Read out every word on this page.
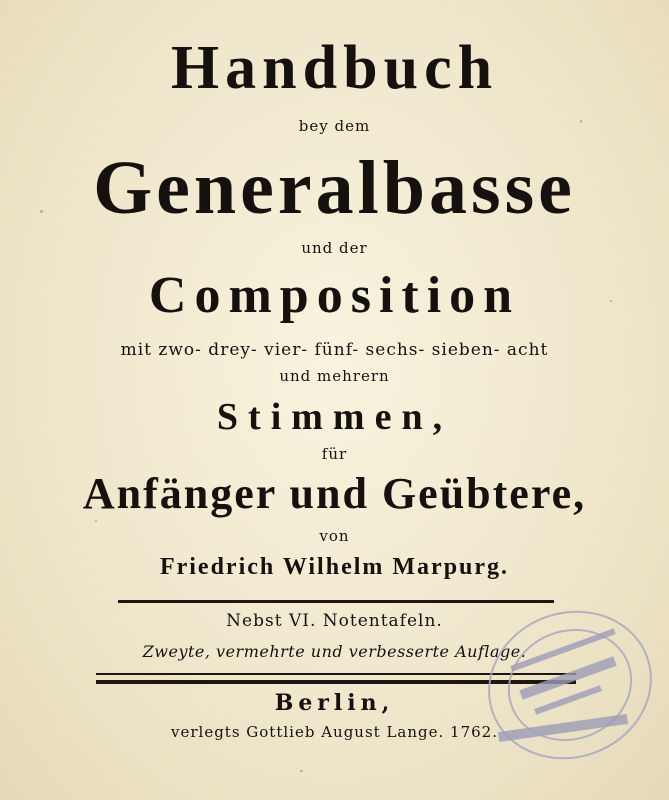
Handbuch
bey dem
Generalbasse
und der
Composition
mit zwo- drey- vier- fünf- sechs- sieben- acht
und mehrern
Stimmen,
für
Anfänger und Geübtere,
von
Friedrich Wilhelm Marpurg.
Nebst VI. Notentafeln.
Zweyte, vermehrte und verbesserte Auflage.
Berlin,
verlegts Gottlieb August Lange. 1762.
